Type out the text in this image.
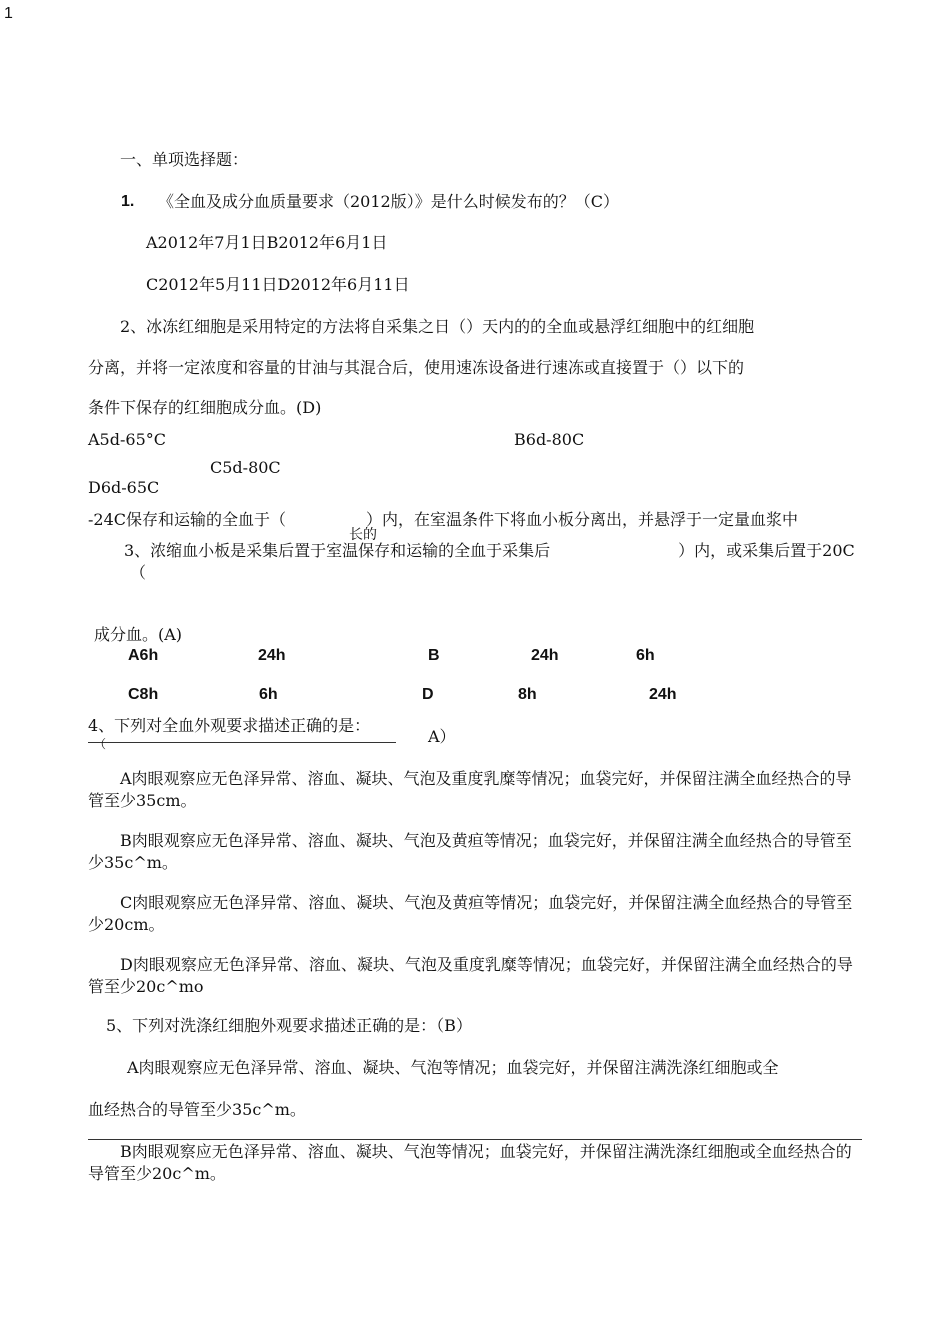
1
一、单项选择题：
1. 《全血及成分血质量要求（2012版）》是什么时候发布的？（C）
A2012年7月1日B2012年6月1日
C2012年5月11日D2012年6月11日
2、冰冻红细胞是采用特定的方法将自采集之日（）天内的的全血或悬浮红细胞中的红细胞
分离，并将一定浓度和容量的甘油与其混合后，使用速冻设备进行速冻或直接置于（）以下的
条件下保存的红细胞成分血。(D)
A5d-65°C	B6d-80C
C5d-80C
D6d-65C
-24C保存和运输的全血于（　　　　　）内，在室温条件下将血小板分离出，并悬浮于一定量血浆中
长的
3、浓缩血小板是采集后置于室温保存和运输的全血于采集后　　　　　　　　）内，或采集后置于20C
（
成分血。(A)
A6h	24h	B	24h	6h
C8h	6h	D	8h	24h
4、下列对全血外观要求描述正确的是：
（	A）
A肉眼观察应无色泽异常、溶血、凝块、气泡及重度乳糜等情况；血袋完好，并保留注满全血经热合的导管至少35cm。
B肉眼观察应无色泽异常、溶血、凝块、气泡及黄疸等情况；血袋完好，并保留注满全血经热合的导管至少35c^m。
C肉眼观察应无色泽异常、溶血、凝块、气泡及黄疸等情况；血袋完好，并保留注满全血经热合的导管至少20cm。
D肉眼观察应无色泽异常、溶血、凝块、气泡及重度乳糜等情况；血袋完好，并保留注满全血经热合的导管至少20c^mo
5、下列对洗涤红细胞外观要求描述正确的是：（B）
A肉眼观察应无色泽异常、溶血、凝块、气泡等情况；血袋完好，并保留注满洗涤红细胞或全
血经热合的导管至少35c^m。
B肉眼观察应无色泽异常、溶血、凝块、气泡等情况；血袋完好，并保留注满洗涤红细胞或全血经热合的导管至少20c^m。
